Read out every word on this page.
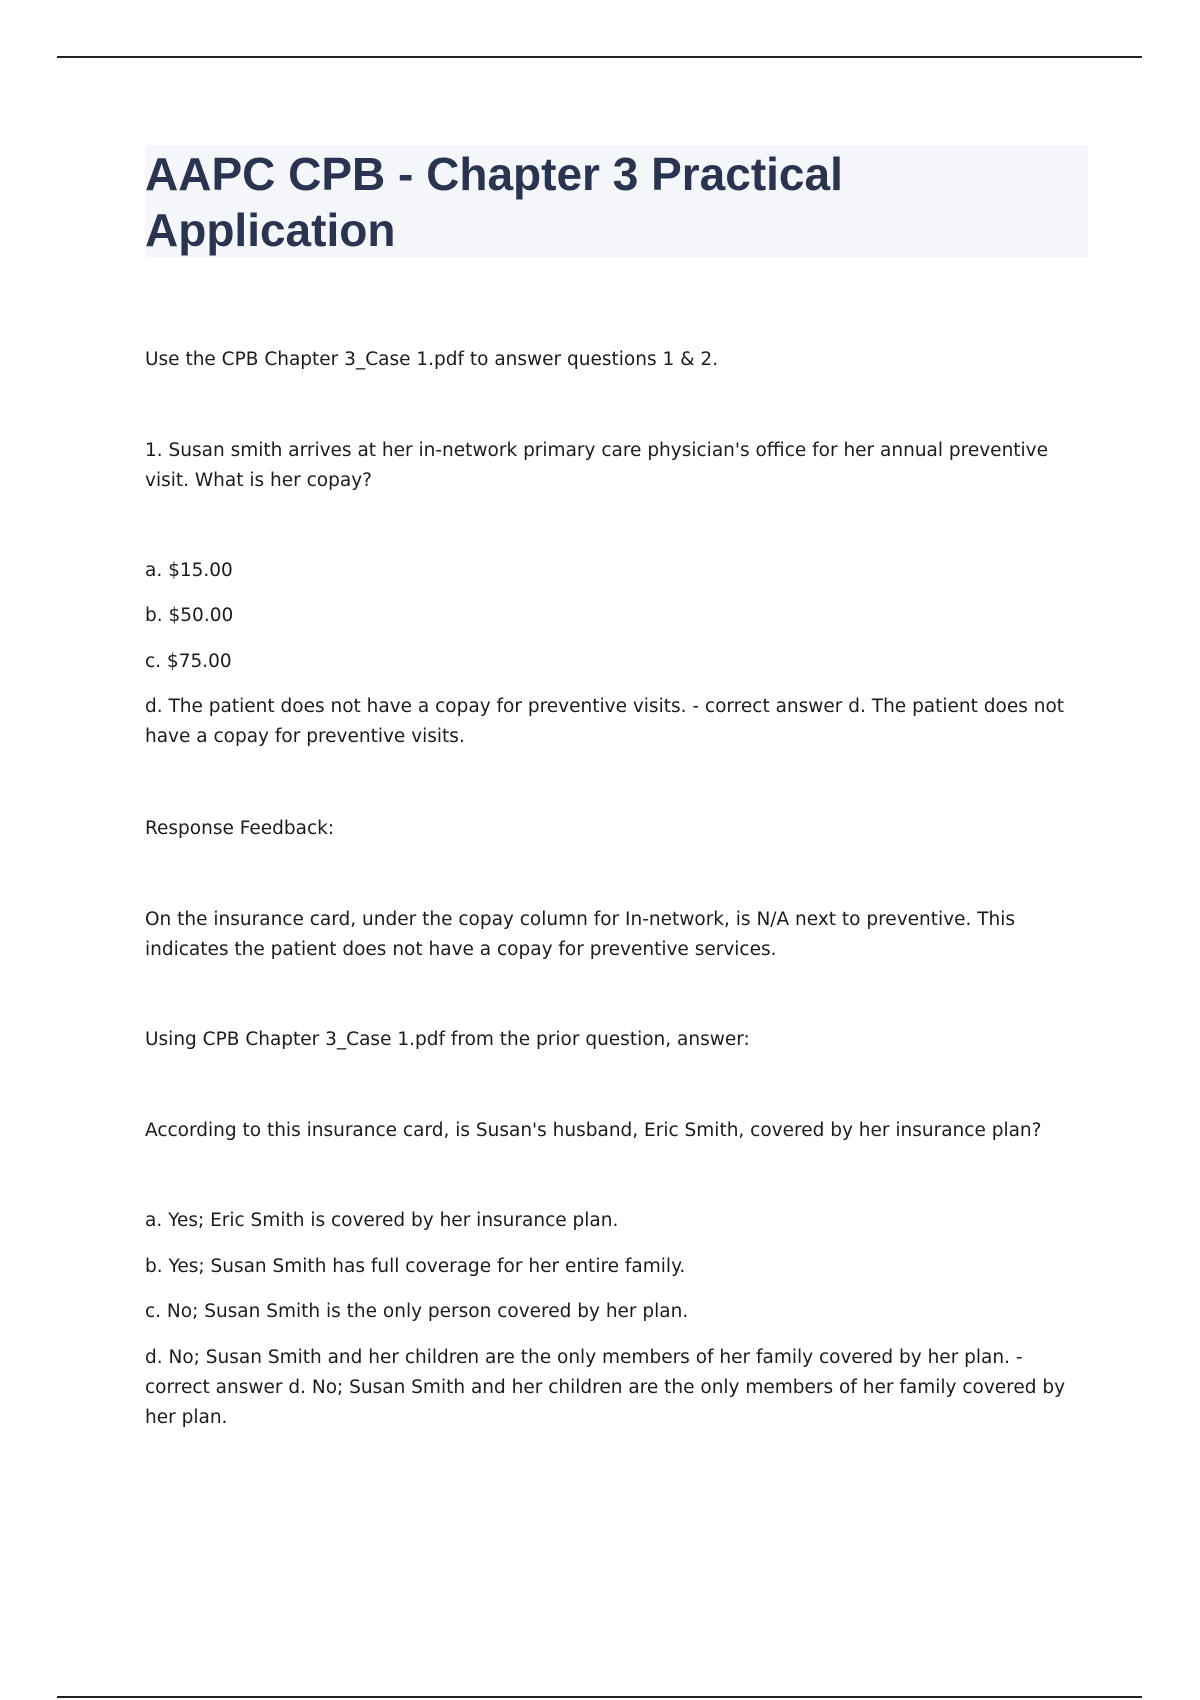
AAPC CPB - Chapter 3 Practical Application

Use the CPB Chapter 3_Case 1.pdf to answer questions 1 & 2.

1. Susan smith arrives at her in-network primary care physician's office for her annual preventive visit. What is her copay?

a. $15.00

b. $50.00

c. $75.00

d. The patient does not have a copay for preventive visits. - correct answer d. The patient does not have a copay for preventive visits.

Response Feedback:

On the insurance card, under the copay column for In-network, is N/A next to preventive. This indicates the patient does not have a copay for preventive services.

Using CPB Chapter 3_Case 1.pdf from the prior question, answer:

According to this insurance card, is Susan's husband, Eric Smith, covered by her insurance plan?

a. Yes; Eric Smith is covered by her insurance plan.

b. Yes; Susan Smith has full coverage for her entire family.

c. No; Susan Smith is the only person covered by her plan.

d. No; Susan Smith and her children are the only members of her family covered by her plan. - correct answer d. No; Susan Smith and her children are the only members of her family covered by her plan.
